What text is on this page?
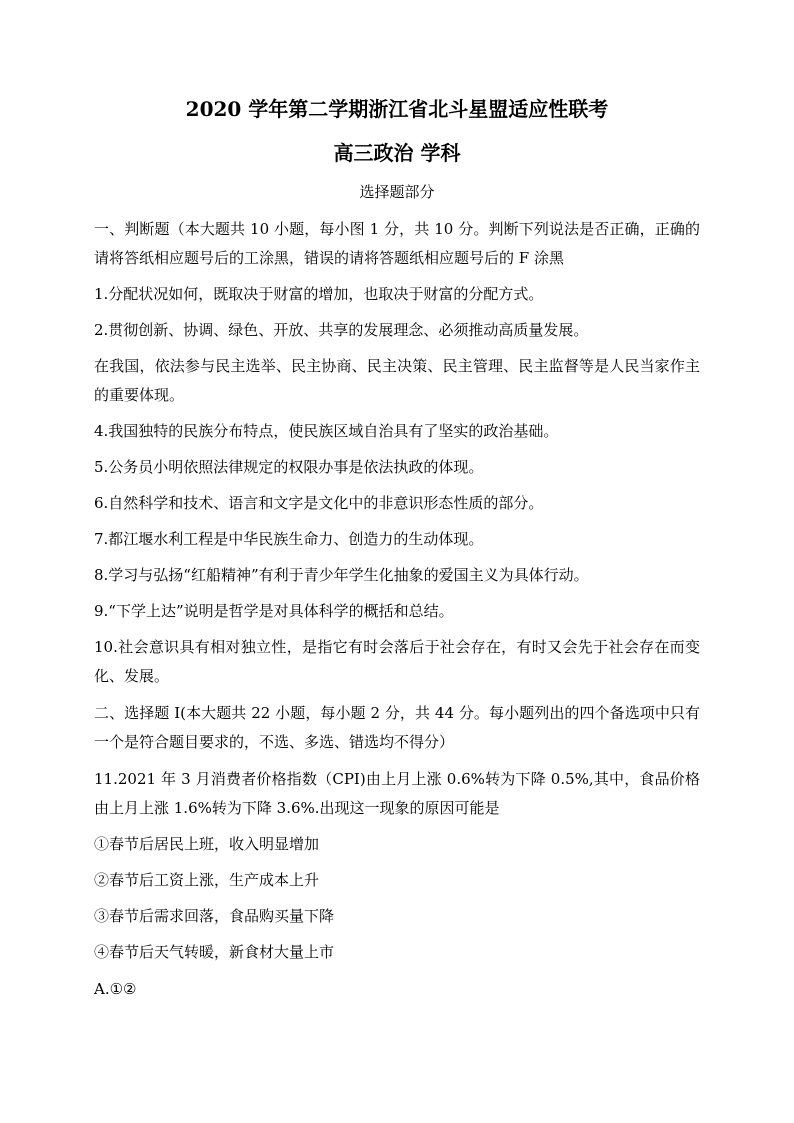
2020 学年第二学期浙江省北斗星盟适应性联考
高三政治 学科

选择题部分

一、判断题（本大题共 10 小题，每小图 1 分，共 10 分。判断下列说法是否正确，正确的请将答纸相应题号后的工涂黑，错误的请将答题纸相应题号后的 F 涂黑

1.分配状况如何，既取决于财富的增加，也取决于财富的分配方式。

2.贯彻创新、协调、绿色、开放、共享的发展理念、必须推动高质量发展。

在我国，依法参与民主选举、民主协商、民主决策、民主管理、民主监督等是人民当家作主的重要体现。

4.我国独特的民族分布特点，使民族区域自治具有了坚实的政治基础。

5.公务员小明依照法律规定的权限办事是依法执政的体现。

6.自然科学和技术、语言和文字是文化中的非意识形态性质的部分。

7.都江堰水利工程是中华民族生命力、创造力的生动体现。

8.学习与弘扬“红船精神”有利于青少年学生化抽象的爱国主义为具体行动。

9.“下学上达”说明是哲学是对具体科学的概括和总结。

10.社会意识具有相对独立性，是指它有时会落后于社会存在，有时又会先于社会存在而变化、发展。

二、选择题 I(本大题共 22 小题，每小题 2 分，共 44 分。每小题列出的四个备选项中只有一个是符合题目要求的，不选、多选、错选均不得分）

11.2021 年 3 月消费者价格指数（CPI)由上月上涨 0.6%转为下降 0.5%,其中，食品价格由上月上涨 1.6%转为下降 3.6%.出现这一现象的原因可能是

①春节后居民上班，收入明显增加

②春节后工资上涨，生产成本上升

③春节后需求回落，食品购买量下降

④春节后天气转暖，新食材大量上市

A.①②
